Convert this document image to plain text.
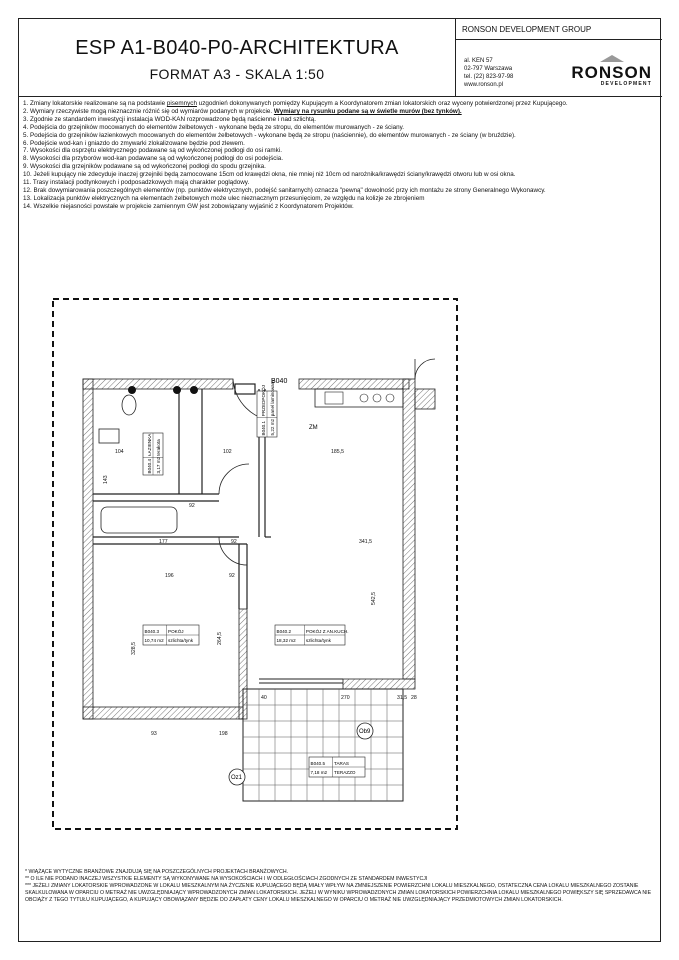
ESP A1-B040-P0-ARCHITEKTURA
FORMAT A3 - SKALA 1:50
RONSON DEVELOPMENT GROUP
al. KEN 57
02-797 Warszawa
tel. (22) 823-97-98
www.ronson.pl
RONSON
DEVELOPMENT

1. Zmiany lokatorskie realizowane są na podstawie pisemnych uzgodnień dokonywanych pomiędzy Kupującym a Koordynatorem zmian lokatorskich oraz wyceny potwierdzonej przez Kupującego.

2. Wymiary rzeczywiste mogą nieznacznie różnić się od wymiarów podanych w projekcie. Wymiary na rysunku podane są w świetle murów (bez tynków).

3. Zgodnie ze standardem inwestycji instalacja WOD-KAN rozprowadzone będą naścienne i nad szlichtą.

4. Podejścia do grzejników mocowanych do elementów żelbetowych - wykonane będą ze stropu, do elementów murowanych - ze ściany.

5. Podejścia do grzejników łazienkowych mocowanych do elementów żelbetowych - wykonane będą ze stropu (naściennie), do elementów murowanych - ze ściany (w bruździe).

6. Podejście wod-kan i gniazdo do zmywarki zlokalizowane będzie pod zlewem.

7. Wysokości dla osprzętu elektrycznego podawane są od wykończonej podłogi do osi ramki.

8. Wysokości dla przyborów wod-kan podawane są od wykończonej podłogi do osi podejścia.

9. Wysokości dla grzejników podawane są od wykończonej podłogi do spodu grzejnika.

10. Jeżeli kupujący nie zdecyduje inaczej grzejniki będą zamocowane 15cm od krawędzi okna, nie mniej niż 10cm od narożnika/krawędzi ściany/krawędzi otworu lub w osi okna.

11. Trasy instalacji podtynkowych i podposadzkowych mają charakter poglądowy.

12. Brak dowymiarowania poszczególnych elementów (np. punktów elektrycznych, podejść sanitarnych) oznacza "pewną" dowolność przy ich montażu ze strony Generalnego Wykonawcy.

13. Lokalizacja punktów elektrycznych na elementach żelbetowych może ulec nieznacznym przesunięciom, ze względu na kolizje ze zbrojeniem

14. Wszelkie niejasności powstałe w projekcie zamiennym GW jest zobowiązany wyjaśnić z Koordynatorem Projektów.

B040.1
PRZEDPOKÓJ
5,22 m2
panel laminowany
B040.4
ŁAZIENKA
3,17 m2
terakota
B040.3 POKÓJ
10,74 m2 szlichta/tynk
B040.2	POKÓJ Z AN.KUCH.
18,32 m2 szlichta/tynk
B040.5 TARAS
7,18 m2 TERAZZO
104	102	185,5
92
143
177	92	341,5
196	92
328,5
264,5
542,5
40	270	31,5 28
93	198
B040
ZM
Oz1
Ob9

* WIĄŻĄCE WYTYCZNE BRANŻOWE ZNAJDUJĄ SIĘ NA POSZCZEGÓLNYCH PROJEKTACH BRANŻOWYCH.

** O ILE NIE PODANO INACZEJ WSZYSTKIE ELEMENTY SĄ WYKONYWANE NA WYSOKOŚCIACH I W ODLEGŁOŚCIACH ZGODNYCH ZE STANDARDEM INWESTYCJI

*** JEŻELI ZMIANY LOKATORSKIE WPROWADZONE W LOKALU MIESZKALNYM NA ŻYCZENIE KUPUJĄCEGO BĘDĄ MIAŁY WPŁYW NA ZMNIEJSZENIE POWIERZCHNI LOKALU MIESZKALNEGO, OSTATECZNA CENA LOKALU MIESZKALNEGO ZOSTANIE SKALKULOWANA W OPARCIU O METRAŻ NIE UWZGLĘDNIAJĄCY WPROWADZONYCH ZMIAN LOKATORSKICH. JEŻELI W WYNIKU WPROWADZONYCH ZMIAN LOKATORSKICH POWIERZCHNIA LOKALU MIESZKALNEGO POWIĘKSZY SIĘ SPRZEDAWCA NIE OBCIĄŻY Z TEGO TYTUŁU KUPUJĄCEGO, A KUPUJĄCY OBOWIĄZANY BĘDZIE DO ZAPŁATY CENY LOKALU MIESZKALNEGO W OPARCIU O METRAŻ NIE UWZGLĘDNIAJĄCY PRZEDMIOTOWYCH ZMIAN LOKATORSKICH.
